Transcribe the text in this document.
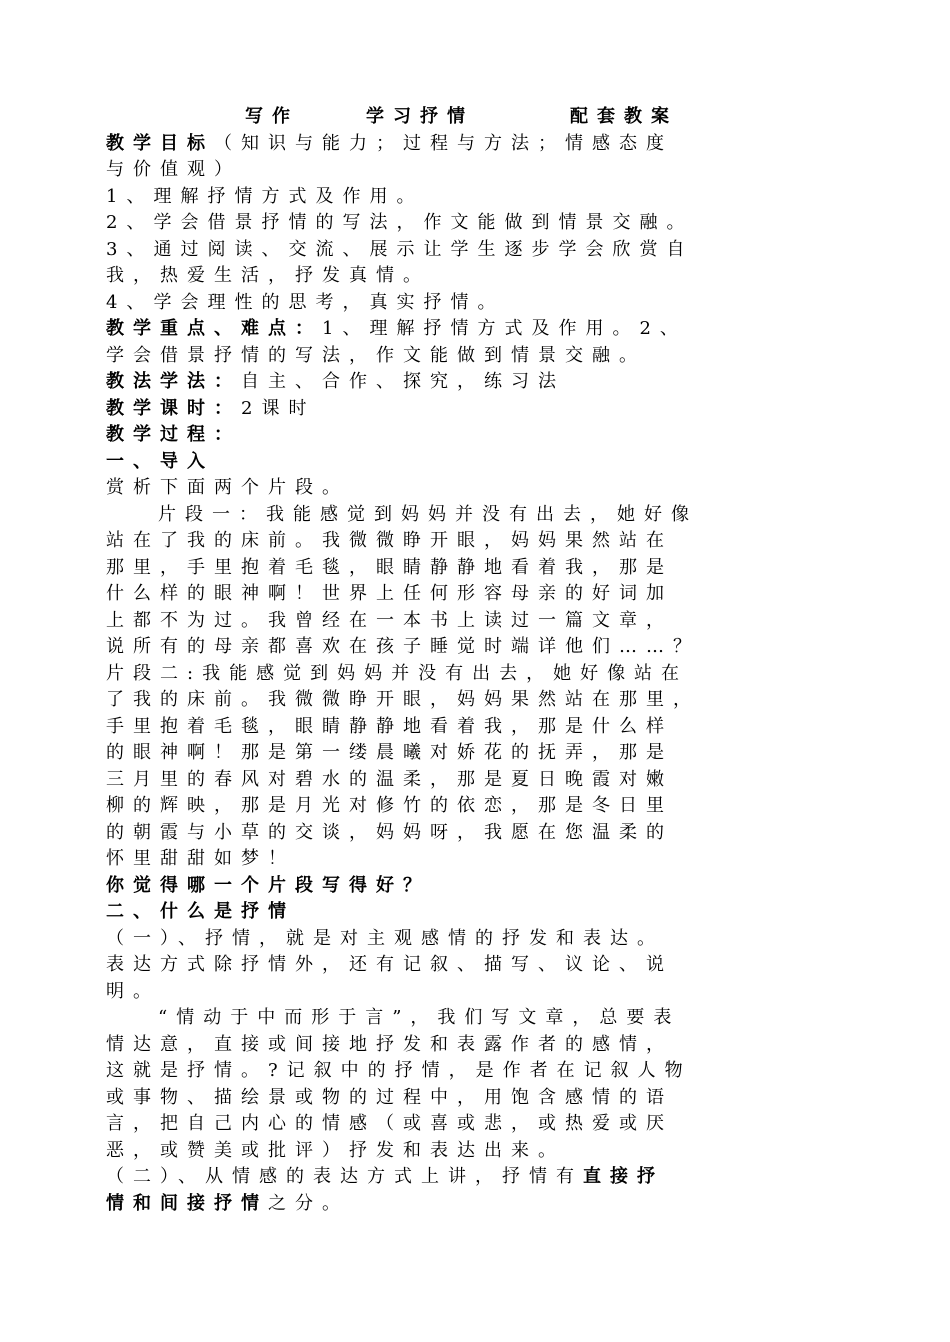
写作	学习抒情	配套教案
教学目标（知识与能力；过程与方法；情感态度
与价值观）
1、理解抒情方式及作用。
2、学会借景抒情的写法，作文能做到情景交融。
3、通过阅读、交流、展示让学生逐步学会欣赏自
我，热爱生活，抒发真情。
4、学会理性的思考，真实抒情。
教学重点、难点：1、理解抒情方式及作用。2、
学会借景抒情的写法，作文能做到情景交融。
教法学法：自主、合作、探究，练习法
教学课时：2课时
教学过程：
一、导入
赏析下面两个片段。
片段一：我能感觉到妈妈并没有出去，她好像
站在了我的床前。我微微睁开眼，妈妈果然站在
那里，手里抱着毛毯，眼睛静静地看着我，那是
什么样的眼神啊！世界上任何形容母亲的好词加
上都不为过。我曾经在一本书上读过一篇文章，
说所有的母亲都喜欢在孩子睡觉时端详他们……？
片段二:我能感觉到妈妈并没有出去，她好像站在
了我的床前。我微微睁开眼，妈妈果然站在那里，
手里抱着毛毯，眼睛静静地看着我，那是什么样
的眼神啊！那是第一缕晨曦对娇花的抚弄，那是
三月里的春风对碧水的温柔，那是夏日晚霞对嫩
柳的辉映，那是月光对修竹的依恋，那是冬日里
的朝霞与小草的交谈，妈妈呀，我愿在您温柔的
怀里甜甜如梦！
你觉得哪一个片段写得好？
二、什么是抒情
（一）、抒情，就是对主观感情的抒发和表达。
表达方式除抒情外，还有记叙、描写、议论、说
明。
“情动于中而形于言”，我们写文章，总要表
情达意，直接或间接地抒发和表露作者的感情，
这就是抒情。?记叙中的抒情，是作者在记叙人物
或事物、描绘景或物的过程中，用饱含感情的语
言，把自己内心的情感（或喜或悲，或热爱或厌
恶，或赞美或批评）抒发和表达出来。
（二）、从情感的表达方式上讲，抒情有直接抒
情和间接抒情之分。
